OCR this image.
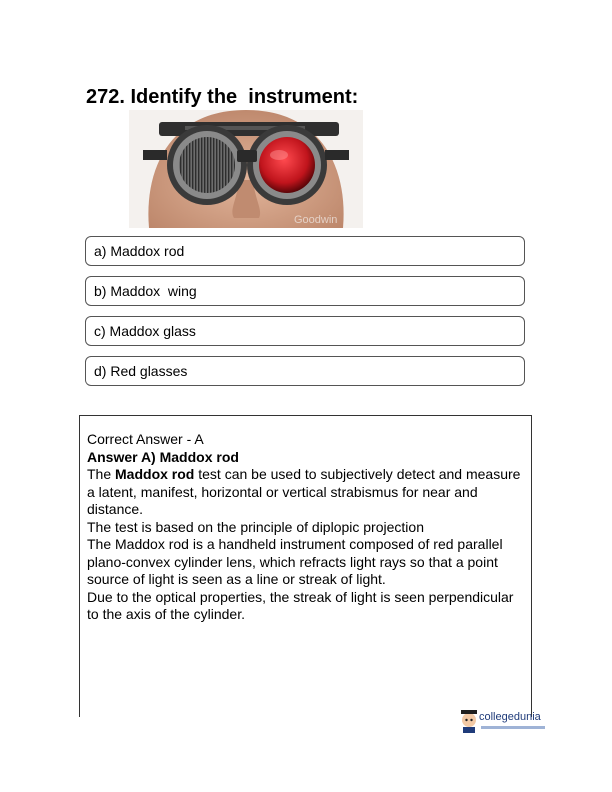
272. Identify the  instrument:
Goodwin
a) Maddox rod
b) Maddox  wing
c) Maddox glass
d) Red glasses

Correct Answer - A

Answer A) Maddox rod

The Maddox rod test can be used to subjectively detect and measure a latent, manifest, horizontal or vertical strabismus for near and distance.

The test is based on the principle of diplopic projection

The Maddox rod is a handheld instrument composed of red parallel plano-convex cylinder lens, which refracts light rays so that a point source of light is seen as a line or streak of light.

Due to the optical properties, the streak of light is seen perpendicular to the axis of the cylinder.

collegedunia
